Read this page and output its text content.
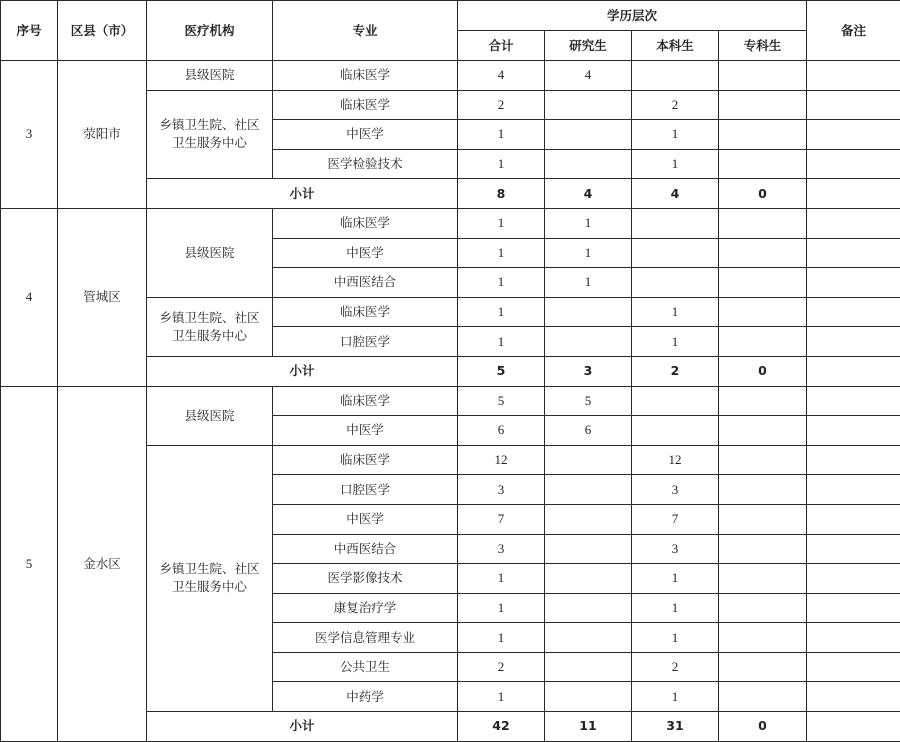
序号	区县（市）	医疗机构	专业	学历层次				备注
				合计	研究生	本科生	专科生	
3	荥阳市	县级医院	临床医学	4	4			
		乡镇卫生院、社区卫生服务中心	临床医学	2		2		
			中医学	1		1		
			医学检验技术	1		1		
		小计		8	4	4	0	
4	管城区	县级医院	临床医学	1	1			
			中医学	1	1			
			中西医结合	1	1			
		乡镇卫生院、社区卫生服务中心	临床医学	1		1		
			口腔医学	1		1		
		小计		5	3	2	0	
5	金水区	县级医院	临床医学	5	5			
			中医学	6	6			
		乡镇卫生院、社区卫生服务中心	临床医学	12		12		
			口腔医学	3		3		
			中医学	7		7		
			中西医结合	3		3		
			医学影像技术	1		1		
			康复治疗学	1		1		
			医学信息管理专业	1		1		
			公共卫生	2		2		
			中药学	1		1		
		小计		42	11	31	0	
